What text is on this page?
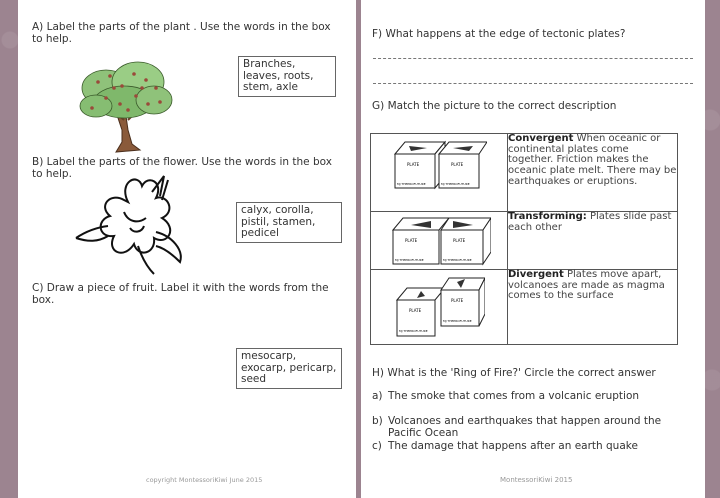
A) Label the parts of the plant . Use the words in the box to help.

Branches, leaves, roots, stem, axle

B) Label the parts of the flower. Use the words in the box to help.

calyx, corolla, pistil, stamen, pedicel

C) Draw a piece of fruit. Label it with the words from the box.

mesocarp, exocarp, pericarp, seed
copyright MontessoriKiwi June 2015

F) What happens at the edge of tectonic plates?

G) Match the picture to the correct description

PLATE PLATE
MJ THEPROFUTURE MJ THEPROFUTURE	Convergent When oceanic or continental plates come together. Friction makes the oceanic plate melt. There may be earthquakes or eruptions.

PLATE PLATE
MJ THEPROFUTURE MJ THEPROFUTURE	Transforming: Plates slide past each other

PLATE
PLATE
MJ THEPROFUTURE
MJ THEPROFUTURE	Divergent Plates move apart, volcanoes are made as magma comes to the surface

H) What is the 'Ring of Fire?' Circle the correct answer

a) The smoke that comes from a volcanic eruption
b) Volcanoes and earthquakes that happen around the Pacific Ocean
c) The damage that happens after an earth quake
MontessoriKiwi 2015
